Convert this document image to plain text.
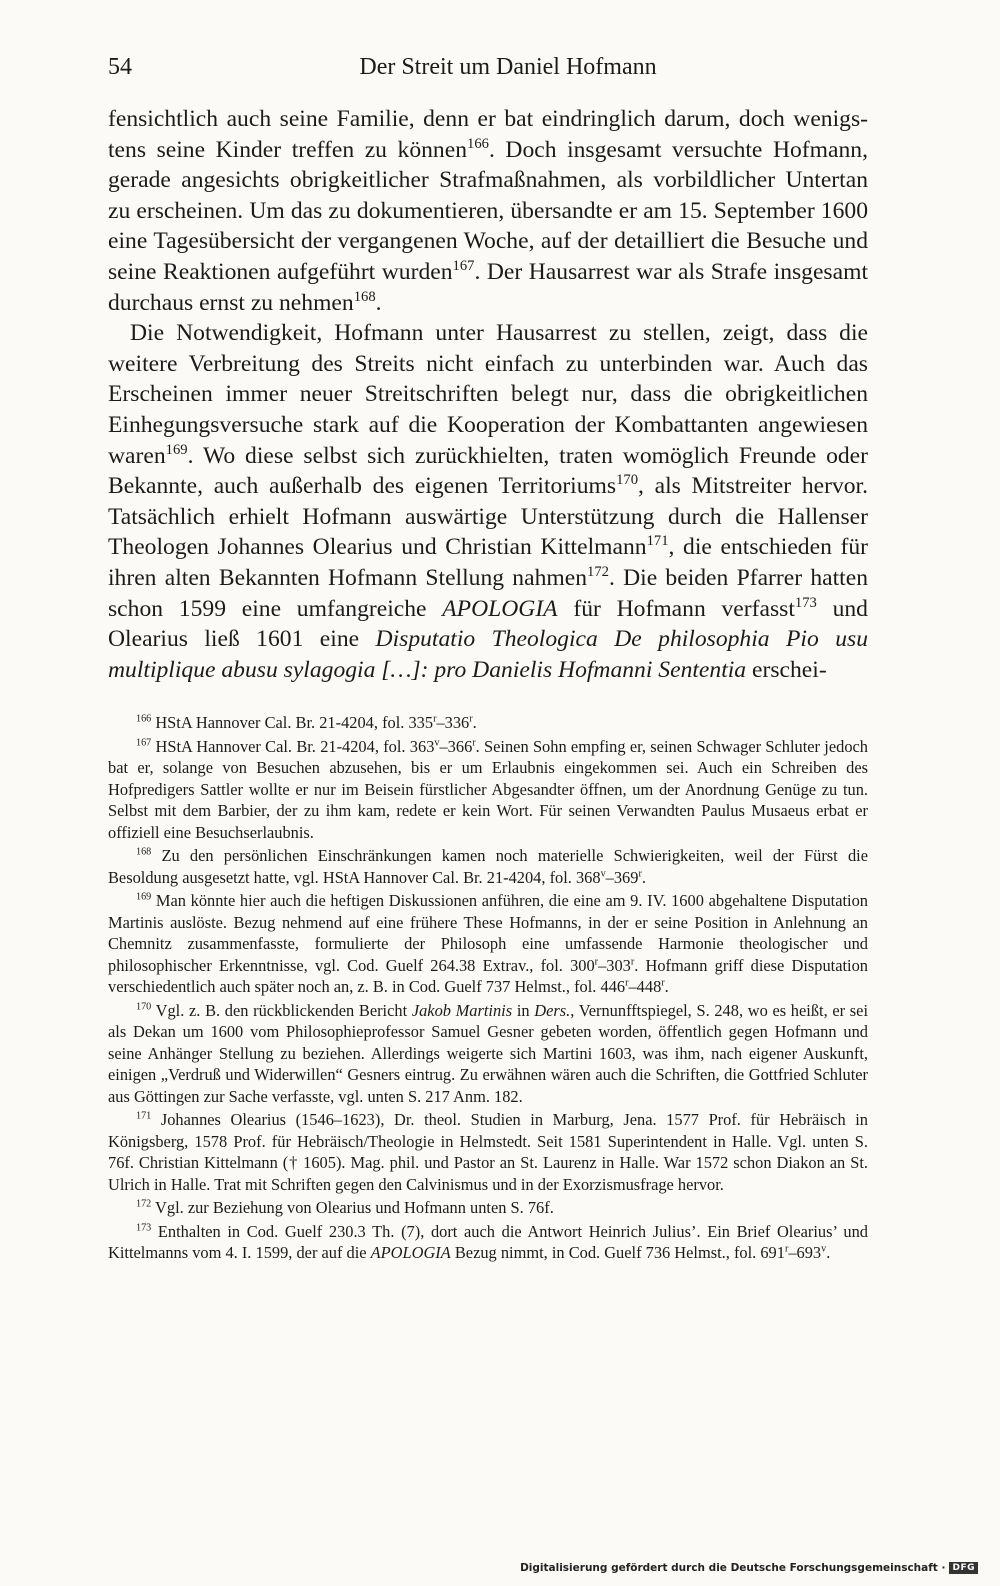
54	Der Streit um Daniel Hofmann

fensichtlich auch seine Familie, denn er bat eindringlich darum, doch wenigstens seine Kinder treffen zu können$^{166}$. Doch insgesamt versuchte Hofmann, gerade angesichts obrigkeitlicher Strafmaßnahmen, als vorbildlicher Untertan zu erscheinen. Um das zu dokumentieren, übersandte er am 15. September 1600 eine Tagesübersicht der vergangenen Woche, auf der detailliert die Besuche und seine Reaktionen aufgeführt wurden$^{167}$. Der Hausarrest war als Strafe insgesamt durchaus ernst zu nehmen$^{168}$.

Die Notwendigkeit, Hofmann unter Hausarrest zu stellen, zeigt, dass die weitere Verbreitung des Streits nicht einfach zu unterbinden war. Auch das Erscheinen immer neuer Streitschriften belegt nur, dass die obrigkeitlichen Einhegungsversuche stark auf die Kooperation der Kombattanten angewiesen waren$^{169}$. Wo diese selbst sich zurückhielten, traten womöglich Freunde oder Bekannte, auch außerhalb des eigenen Territoriums$^{170}$, als Mitstreiter hervor. Tatsächlich erhielt Hofmann auswärtige Unterstützung durch die Hallenser Theologen Johannes Olearius und Christian Kittelmann$^{171}$, die entschieden für ihren alten Bekannten Hofmann Stellung nahmen$^{172}$. Die beiden Pfarrer hatten schon 1599 eine umfangreiche APOLOGIA für Hofmann verfasst$^{173}$ und Olearius ließ 1601 eine Disputatio Theologica De philosophia Pio usu multiplique abusu sylagogia […]: pro Danielis Hofmanni Sententia erschei-

$^{166}$ HStA Hannover Cal. Br. 21-4204, fol. 335$^r$–336$^r$.

$^{167}$ HStA Hannover Cal. Br. 21-4204, fol. 363$^v$–366$^r$. Seinen Sohn empfing er, seinen Schwager Schluter jedoch bat er, solange von Besuchen abzusehen, bis er um Erlaubnis eingekommen sei. Auch ein Schreiben des Hofpredigers Sattler wollte er nur im Beisein fürstlicher Abgesandter öffnen, um der Anordnung Genüge zu tun. Selbst mit dem Barbier, der zu ihm kam, redete er kein Wort. Für seinen Verwandten Paulus Musaeus erbat er offiziell eine Besuchserlaubnis.

$^{168}$ Zu den persönlichen Einschränkungen kamen noch materielle Schwierigkeiten, weil der Fürst die Besoldung ausgesetzt hatte, vgl. HStA Hannover Cal. Br. 21-4204, fol. 368$^v$–369$^r$.

$^{169}$ Man könnte hier auch die heftigen Diskussionen anführen, die eine am 9. IV. 1600 abgehaltene Disputation Martinis auslöste. Bezug nehmend auf eine frühere These Hofmanns, in der er seine Position in Anlehnung an Chemnitz zusammenfasste, formulierte der Philosoph eine umfassende Harmonie theologischer und philosophischer Erkenntnisse, vgl. Cod. Guelf 264.38 Extrav., fol. 300$^r$–303$^r$. Hofmann griff diese Disputation verschiedentlich auch später noch an, z. B. in Cod. Guelf 737 Helmst., fol. 446$^r$–448$^r$.

$^{170}$ Vgl. z. B. den rückblickenden Bericht Jakob Martinis in Ders., Vernunfftspiegel, S. 248, wo es heißt, er sei als Dekan um 1600 vom Philosophieprofessor Samuel Gesner gebeten worden, öffentlich gegen Hofmann und seine Anhänger Stellung zu beziehen. Allerdings weigerte sich Martini 1603, was ihm, nach eigener Auskunft, einigen „Verdruß und Widerwillen“ Gesners eintrug. Zu erwähnen wären auch die Schriften, die Gottfried Schluter aus Göttingen zur Sache verfasste, vgl. unten S. 217 Anm. 182.

$^{171}$ Johannes Olearius (1546–1623), Dr. theol. Studien in Marburg, Jena. 1577 Prof. für Hebräisch in Königsberg, 1578 Prof. für Hebräisch/Theologie in Helmstedt. Seit 1581 Superintendent in Halle. Vgl. unten S. 76f. Christian Kittelmann († 1605). Mag. phil. und Pastor an St. Laurenz in Halle. War 1572 schon Diakon an St. Ulrich in Halle. Trat mit Schriften gegen den Calvinismus und in der Exorzismusfrage hervor.

$^{172}$ Vgl. zur Beziehung von Olearius und Hofmann unten S. 76f.

$^{173}$ Enthalten in Cod. Guelf 230.3 Th. (7), dort auch die Antwort Heinrich Julius’. Ein Brief Olearius’ und Kittelmanns vom 4. I. 1599, der auf die APOLOGIA Bezug nimmt, in Cod. Guelf 736 Helmst., fol. 691$^r$–693$^v$.

Digitalisierung gefördert durch die Deutsche Forschungsgemeinschaft · DFG
